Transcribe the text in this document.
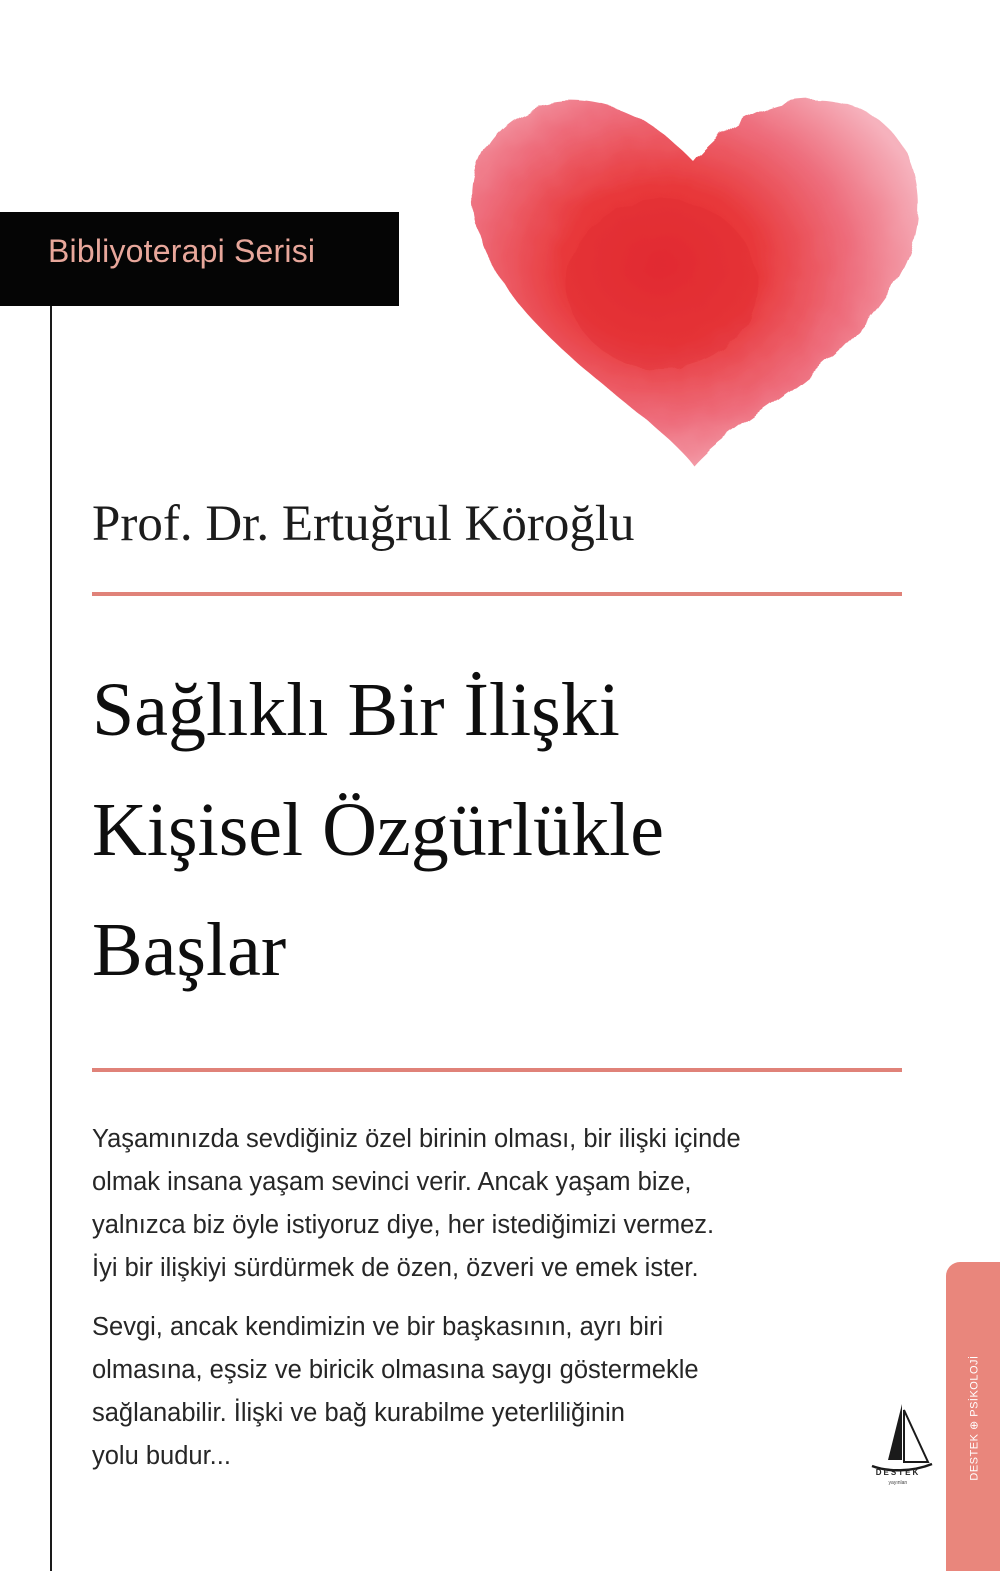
Bibliyoterapi Serisi
Prof. Dr. Ertuğrul Köroğlu
Sağlıklı Bir İlişki
Kişisel Özgürlükle
Başlar
Yaşamınızda sevdiğiniz özel birinin olması, bir ilişki içinde
olmak insana yaşam sevinci verir. Ancak yaşam bize,
yalnızca biz öyle istiyoruz diye, her istediğimizi vermez.
İyi bir ilişkiyi sürdürmek de özen, özveri ve emek ister.
Sevgi, ancak kendimizin ve bir başkasının, ayrı biri
olmasına, eşsiz ve biricik olmasına saygı göstermekle
sağlanabilir. İlişki ve bağ kurabilme yeterliliğinin
yolu budur...
DESTEK
yayınları
DESTEK ⊕ PSİKOLOJİ
